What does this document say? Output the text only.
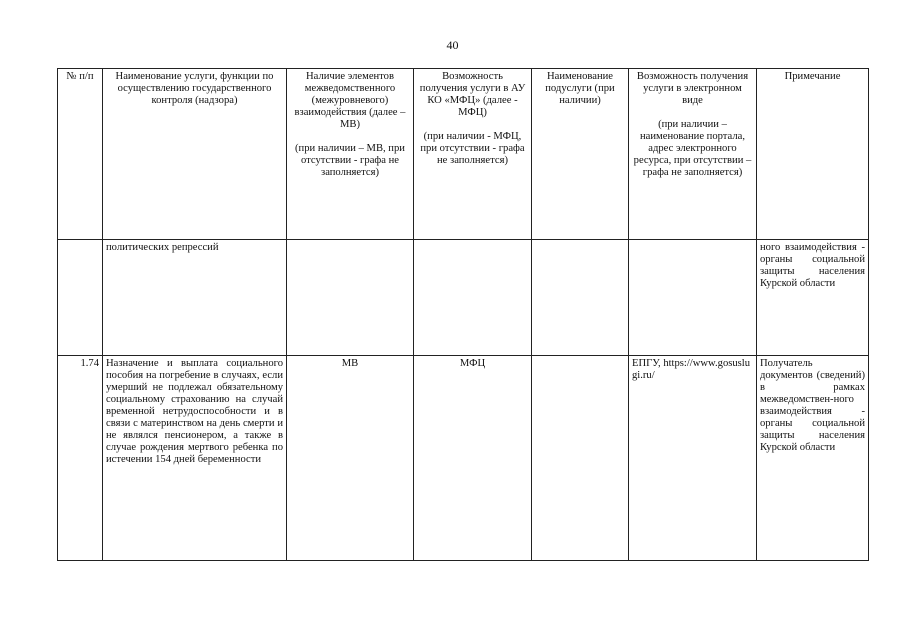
40
№ п/п	Наименование услуги, функции по осуществлению государственного контроля (надзора)	Наличие элементов межведомственного (межуровневого) взаимодействия (далее – МВ)
(при наличии – МВ, при отсутствии - графа не заполняется)	Возможность получения услуги в АУ КО «МФЦ» (далее - МФЦ)
(при наличии - МФЦ, при отсутствии - графа не заполняется)	Наименование подуслуги (при наличии)	Возможность получения услуги в электронном виде
(при наличии – наименование портала, адрес электронного ресурса, при отсутствии – графа не заполняется)	Примечание
	политических репрессий					ного взаимодействия - органы социальной защиты населения Курской области
1.74	Назначение и выплата социального пособия на погребение в случаях, если умерший не подлежал обязательному социальному страхованию на случай временной нетрудоспособности и в связи с материнством на день смерти и не являлся пенсионером, а также в случае рождения мертвого ребенка по истечении 154 дней беременности	МВ	МФЦ		ЕПГУ, https://www.gosuslugi.ru/	Получатель документов (сведений) в рамках межведомствен-ного взаимодействия - органы социальной защиты населения Курской области
